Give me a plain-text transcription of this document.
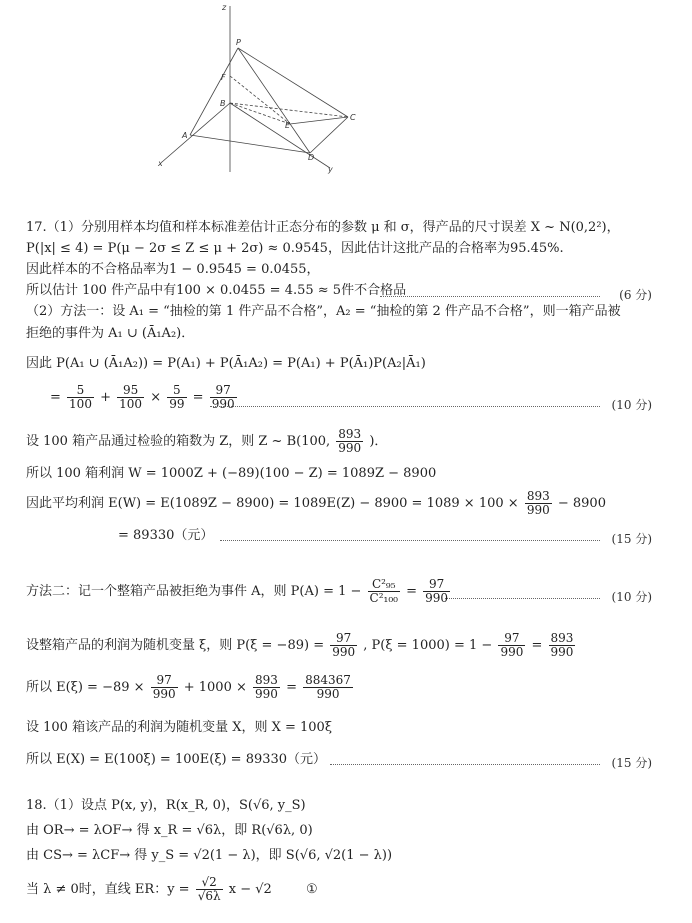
z
P
F
B
E
C
A
D
x
y
17.（1）分别用样本均值和样本标准差估计正态分布的参数 μ 和 σ，得产品的尺寸误差 X ~ N(0,2²)，
P(|x| ≤ 4) = P(μ − 2σ ≤ Z ≤ μ + 2σ) ≈ 0.9545，因此估计这批产品的合格率为95.45%.
因此样本的不合格品率为1 − 0.9545 = 0.0455，
所以估计 100 件产品中有100 × 0.0455 = 4.55 ≈ 5件不合格品	(6 分)
（2）方法一：设 A₁ = “抽检的第 1 件产品不合格”，A₂ = “抽检的第 2 件产品不合格”，则一箱产品被
拒绝的事件为 A₁ ∪ (Ā₁A₂)．
因此 P(A₁ ∪ (Ā₁A₂)) = P(A₁) + P(Ā₁A₂) = P(A₁) + P(Ā₁)P(A₂|Ā₁)
= $\frac{5}{100} + \frac{95}{100} \times \frac{5}{99} = \frac{97}{990}$	(10 分)
设 100 箱产品通过检验的箱数为 Z，则 Z ~ B(100, $\frac{893}{990}$ )．
所以 100 箱利润 W = 1000Z + (−89)(100 − Z) = 1089Z − 8900
因此平均利润 $E(W) = E(1089Z - 8900) = 1089E(Z) - 8900 = 1089 \times 100 \times \frac{893}{990} - 8900$
= 89330（元）	(15 分)
方法二：记一个整箱产品被拒绝为事件 A，则 $P(A) = 1 - \frac{\text{C²₉₅}}{\text{C²₁₀₀}} = \frac{97}{990}$	(10 分)
设整箱产品的利润为随机变量 ξ，则 $P(\xi = -89) = \frac{97}{990}$ , $P(\xi = 1000) = 1 - \frac{97}{990} = \frac{893}{990}$
所以 $E(\xi) = -89 \times \frac{97}{990} + 1000 \times \frac{893}{990} = \frac{884367}{990}$
设 100 箱该产品的利润为随机变量 X，则 X = 100ξ
所以 E(X) = E(100ξ) = 100E(ξ) = 89330（元）	(15 分)
18.（1）设点 P(x, y)，R(x_R, 0)，S(√6, y_S)
由 OR→ = λOF→ 得 x_R = √6λ，即 R(√6λ, 0)
由 CS→ = λCF→ 得 y_S = √2(1 − λ)，即 S(√6, √2(1 − λ))
当 λ ≠ 0时，直线 ER：$y = \frac{√2}{√6\lambda}$ x − √2	①
